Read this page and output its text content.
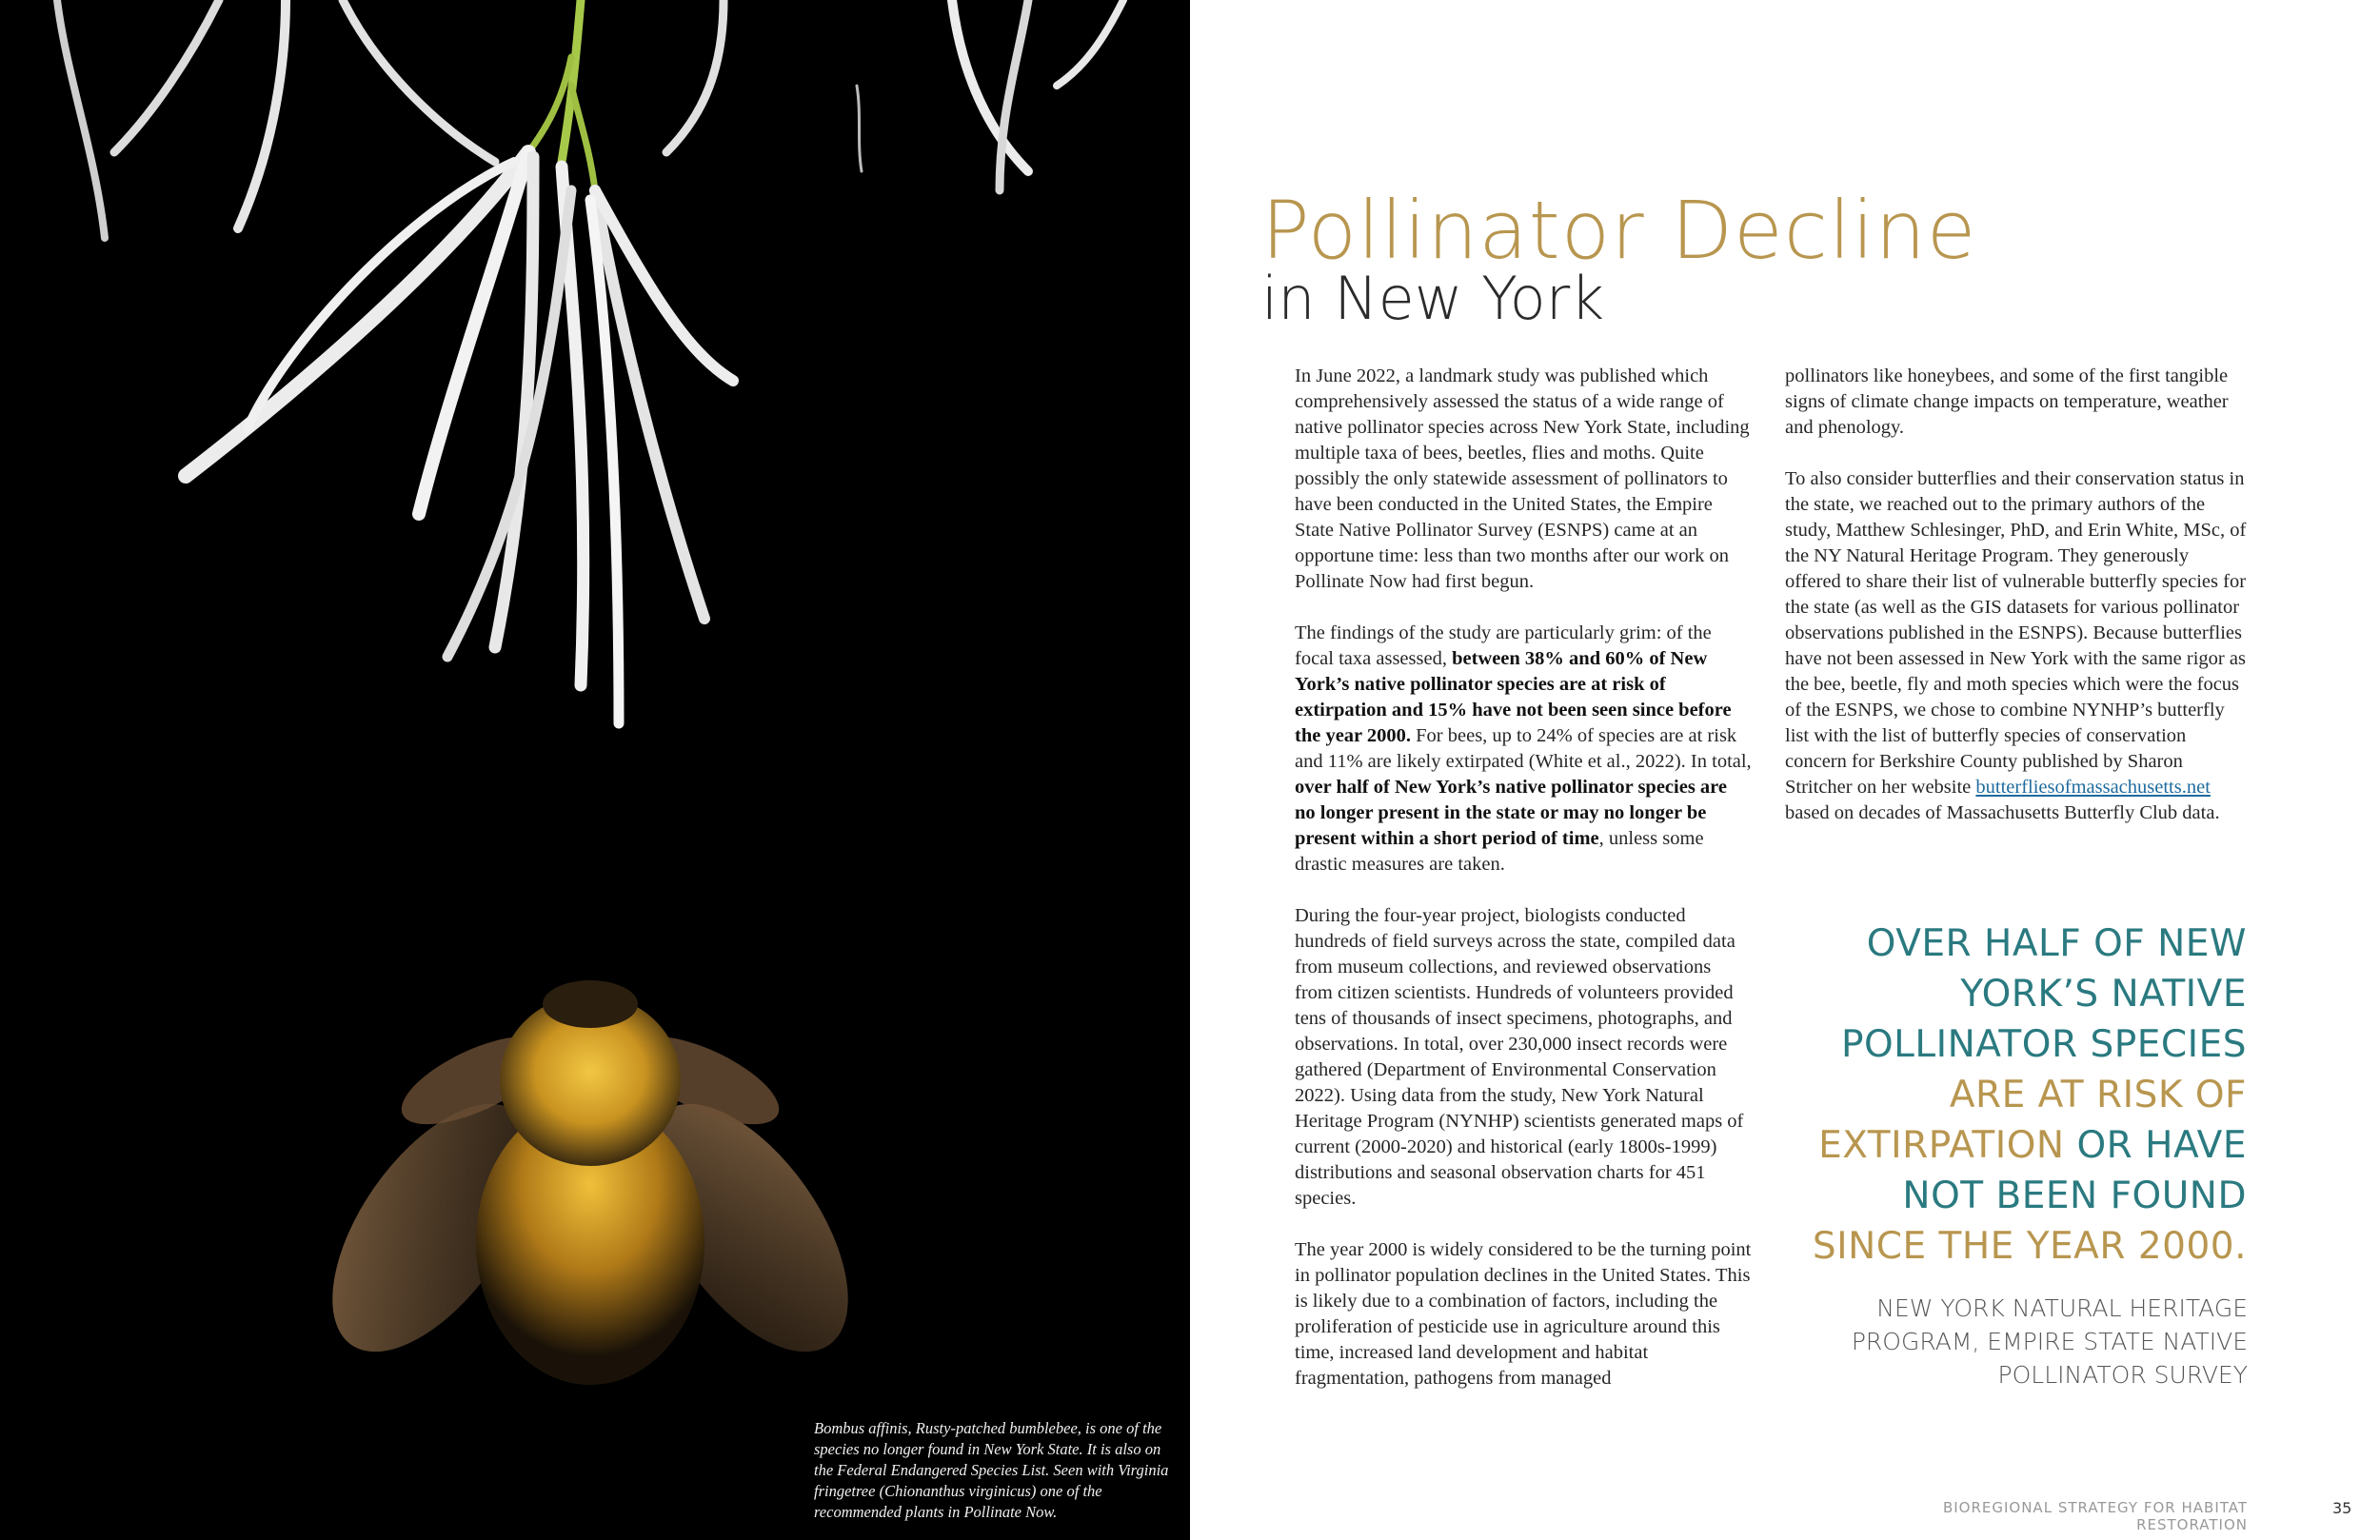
Bombus affinis, Rusty-patched bumblebee, is one of the species no longer found in New York State. It is also on the Federal Endangered Species List. Seen with Virginia fringetree (Chionanthus virginicus) one of the recommended plants in Pollinate Now.
Pollinator Decline
in New York

In June 2022, a landmark study was published which comprehensively assessed the status of a wide range of native pollinator species across New York State, including multiple taxa of bees, beetles, flies and moths. Quite possibly the only statewide assessment of pollinators to have been conducted in the United States, the Empire State Native Pollinator Survey (ESNPS) came at an opportune time: less than two months after our work on Pollinate Now had first begun.

The findings of the study are particularly grim: of the focal taxa assessed, between 38% and 60% of New York’s native pollinator species are at risk of extirpation and 15% have not been seen since before the year 2000. For bees, up to 24% of species are at risk and 11% are likely extirpated (White et al., 2022). In total, over half of New York’s native pollinator species are no longer present in the state or may no longer be present within a short period of time, unless some drastic measures are taken.

During the four-year project, biologists conducted hundreds of field surveys across the state, compiled data from museum collections, and reviewed observations from citizen scientists. Hundreds of volunteers provided tens of thousands of insect specimens, photographs, and observations. In total, over 230,000 insect records were gathered (Department of Environmental Conservation 2022). Using data from the study, New York Natural Heritage Program (NYNHP) scientists generated maps of current (2000-2020) and historical (early 1800s-1999) distributions and seasonal observation charts for 451 species.

The year 2000 is widely considered to be the turning point in pollinator population declines in the United States. This is likely due to a combination of factors, including the proliferation of pesticide use in agriculture around this time, increased land development and habitat fragmentation, pathogens from managed

pollinators like honeybees, and some of the first tangible signs of climate change impacts on temperature, weather and phenology.

To also consider butterflies and their conservation status in the state, we reached out to the primary authors of the study, Matthew Schlesinger, PhD, and Erin White, MSc, of the NY Natural Heritage Program. They generously offered to share their list of vulnerable butterfly species for the state (as well as the GIS datasets for various pollinator observations published in the ESNPS). Because butterflies have not been assessed in New York with the same rigor as the bee, beetle, fly and moth species which were the focus of the ESNPS, we chose to combine NYNHP’s butterfly list with the list of butterfly species of conservation concern for Berkshire County published by Sharon Stritcher on her website butterfliesofmassachusetts.net based on decades of Massachusetts Butterfly Club data.

OVER HALF OF NEW
YORK’S NATIVE
POLLINATOR SPECIES
ARE AT RISK OF
EXTIRPATION OR HAVE
NOT BEEN FOUND
SINCE THE YEAR 2000.
NEW YORK NATURAL HERITAGE PROGRAM, EMPIRE STATE NATIVE POLLINATOR SURVEY
BIOREGIONAL STRATEGY FOR HABITAT RESTORATION
35
